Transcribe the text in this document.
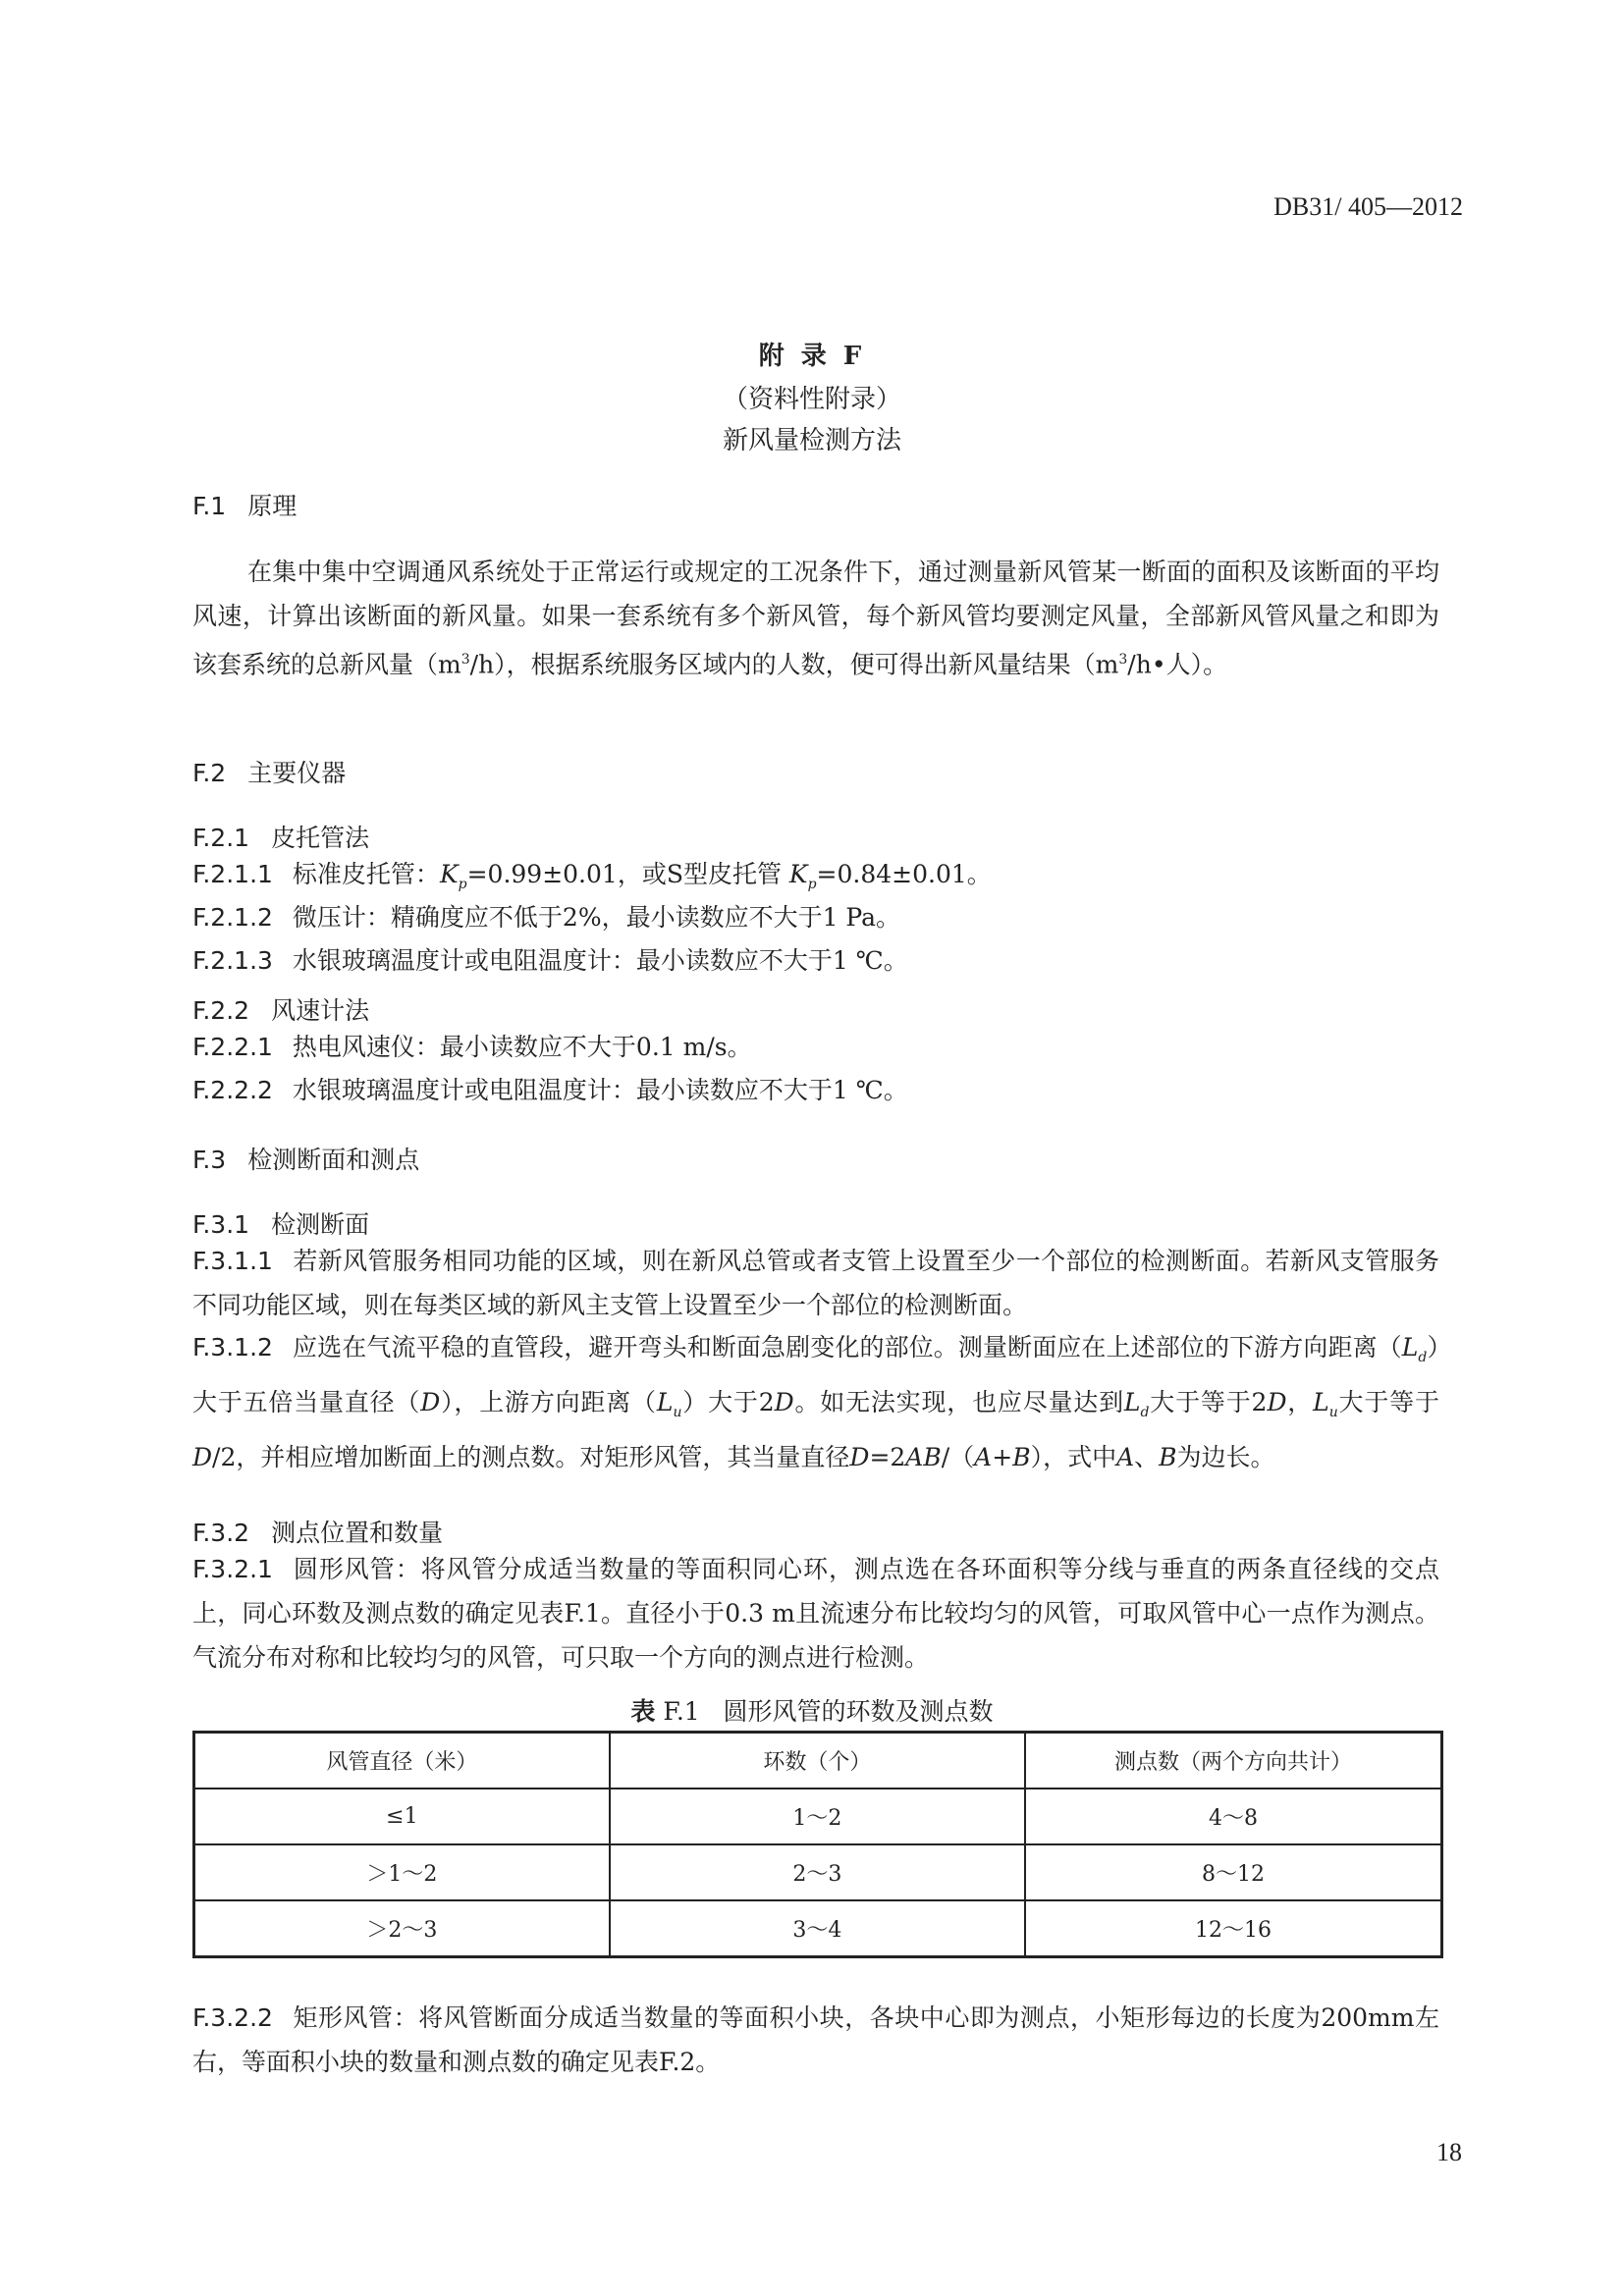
DB31/ 405—2012
附 录 F
（资料性附录）
新风量检测方法
F.1 原理
在集中集中空调通风系统处于正常运行或规定的工况条件下，通过测量新风管某一断面的面积及该断面的平均风速，计算出该断面的新风量。如果一套系统有多个新风管，每个新风管均要测定风量，全部新风管风量之和即为该套系统的总新风量$(m^3/h)$，根据系统服务区域内的人数，便可得出新风量结果（$m^3/h•$人）。
F.2 主要仪器
F.2.1 皮托管法
F.2.1.1 标准皮托管：$K_p=0.99\pm 0.01$，或S型皮托管 $K_p=0.84\pm 0.01$。
F.2.1.2 微压计：精确度应不低于2%，最小读数应不大于1 Pa。
F.2.1.3 水银玻璃温度计或电阻温度计：最小读数应不大于1 ℃。
F.2.2 风速计法
F.2.2.1 热电风速仪：最小读数应不大于0.1 m/s。
F.2.2.2 水银玻璃温度计或电阻温度计：最小读数应不大于1 ℃。
F.3 检测断面和测点
F.3.1 检测断面
F.3.1.1 若新风管服务相同功能的区域，则在新风总管或者支管上设置至少一个部位的检测断面。若新风支管服务不同功能区域，则在每类区域的新风主支管上设置至少一个部位的检测断面。
F.3.1.2 应选在气流平稳的直管段，避开弯头和断面急剧变化的部位。测量断面应在上述部位的下游方向距离$(L_d)$大于五倍当量直径（D），上游方向距离$(L_u)$大于2D。如无法实现，也应尽量达到$L_d$大于等于2D，$L_u$大于等于D/2，并相应增加断面上的测点数。对矩形风管，其当量直径D=2AB/（A+B），式中A、B为边长。
F.3.2 测点位置和数量
F.3.2.1 圆形风管：将风管分成适当数量的等面积同心环，测点选在各环面积等分线与垂直的两条直径线的交点上，同心环数及测点数的确定见表F.1。直径小于0.3 m且流速分布比较均匀的风管，可取风管中心一点作为测点。气流分布对称和比较均匀的风管，可只取一个方向的测点进行检测。
表 F.1 圆形风管的环数及测点数
风管直径（米）	环数（个）	测点数（两个方向共计）
≤1	1～2	4～8
＞1～2	2～3	8～12
＞2～3	3～4	12～16
F.3.2.2 矩形风管：将风管断面分成适当数量的等面积小块，各块中心即为测点，小矩形每边的长度为200mm左右，等面积小块的数量和测点数的确定见表F.2。
18
